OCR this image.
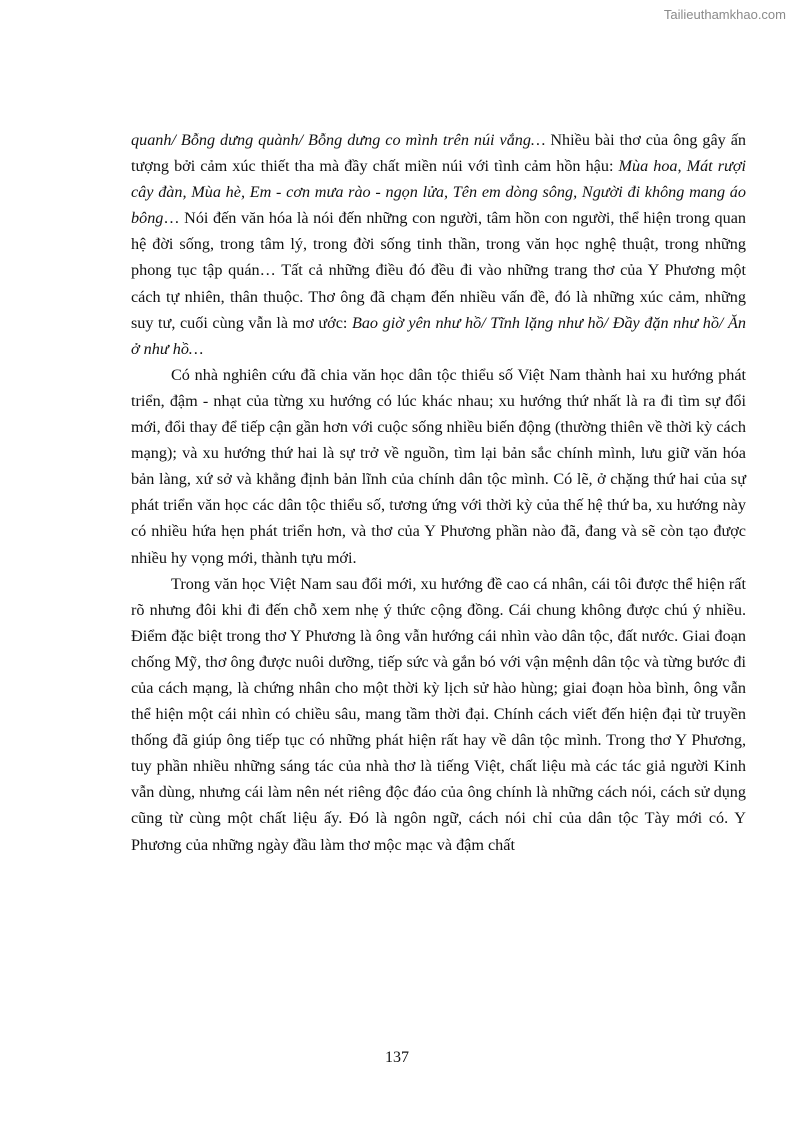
Tailieuthamkhao.com

quanh/ Bỗng dưng quành/ Bỗng dưng co mình trên núi vắng… Nhiều bài thơ của ông gây ấn tượng bởi cảm xúc thiết tha mà đầy chất miền núi với tình cảm hồn hậu: Mùa hoa, Mát rượi cây đàn, Mùa hè, Em - cơn mưa rào - ngọn lửa, Tên em dòng sông, Người đi không mang áo bông… Nói đến văn hóa là nói đến những con người, tâm hồn con người, thể hiện trong quan hệ đời sống, trong tâm lý, trong đời sống tinh thần, trong văn học nghệ thuật, trong những phong tục tập quán… Tất cả những điều đó đều đi vào những trang thơ của Y Phương một cách tự nhiên, thân thuộc. Thơ ông đã chạm đến nhiều vấn đề, đó là những xúc cảm, những suy tư, cuối cùng vẫn là mơ ước: Bao giờ yên như hồ/ Tĩnh lặng như hồ/ Đầy đặn như hồ/ Ăn ở như hồ…

Có nhà nghiên cứu đã chia văn học dân tộc thiểu số Việt Nam thành hai xu hướng phát triển, đậm - nhạt của từng xu hướng có lúc khác nhau; xu hướng thứ nhất là ra đi tìm sự đổi mới, đổi thay để tiếp cận gần hơn với cuộc sống nhiều biến động (thường thiên về thời kỳ cách mạng); và xu hướng thứ hai là sự trở về nguồn, tìm lại bản sắc chính mình, lưu giữ văn hóa bản làng, xứ sở và khẳng định bản lĩnh của chính dân tộc mình. Có lẽ, ở chặng thứ hai của sự phát triển văn học các dân tộc thiểu số, tương ứng với thời kỳ của thế hệ thứ ba, xu hướng này có nhiều hứa hẹn phát triển hơn, và thơ của Y Phương phần nào đã, đang và sẽ còn tạo được nhiều hy vọng mới, thành tựu mới.

Trong văn học Việt Nam sau đổi mới, xu hướng đề cao cá nhân, cái tôi được thể hiện rất rõ nhưng đôi khi đi đến chỗ xem nhẹ ý thức cộng đồng. Cái chung không được chú ý nhiều. Điểm đặc biệt trong thơ Y Phương là ông vẫn hướng cái nhìn vào dân tộc, đất nước. Giai đoạn chống Mỹ, thơ ông được nuôi dưỡng, tiếp sức và gắn bó với vận mệnh dân tộc và từng bước đi của cách mạng, là chứng nhân cho một thời kỳ lịch sử hào hùng; giai đoạn hòa bình, ông vẫn thể hiện một cái nhìn có chiều sâu, mang tầm thời đại. Chính cách viết đến hiện đại từ truyền thống đã giúp ông tiếp tục có những phát hiện rất hay về dân tộc mình. Trong thơ Y Phương, tuy phần nhiều những sáng tác của nhà thơ là tiếng Việt, chất liệu mà các tác giả người Kinh vẫn dùng, nhưng cái làm nên nét riêng độc đáo của ông chính là những cách nói, cách sử dụng cũng từ cùng một chất liệu ấy. Đó là ngôn ngữ, cách nói chỉ của dân tộc Tày mới có. Y Phương của những ngày đầu làm thơ mộc mạc và đậm chất

137
